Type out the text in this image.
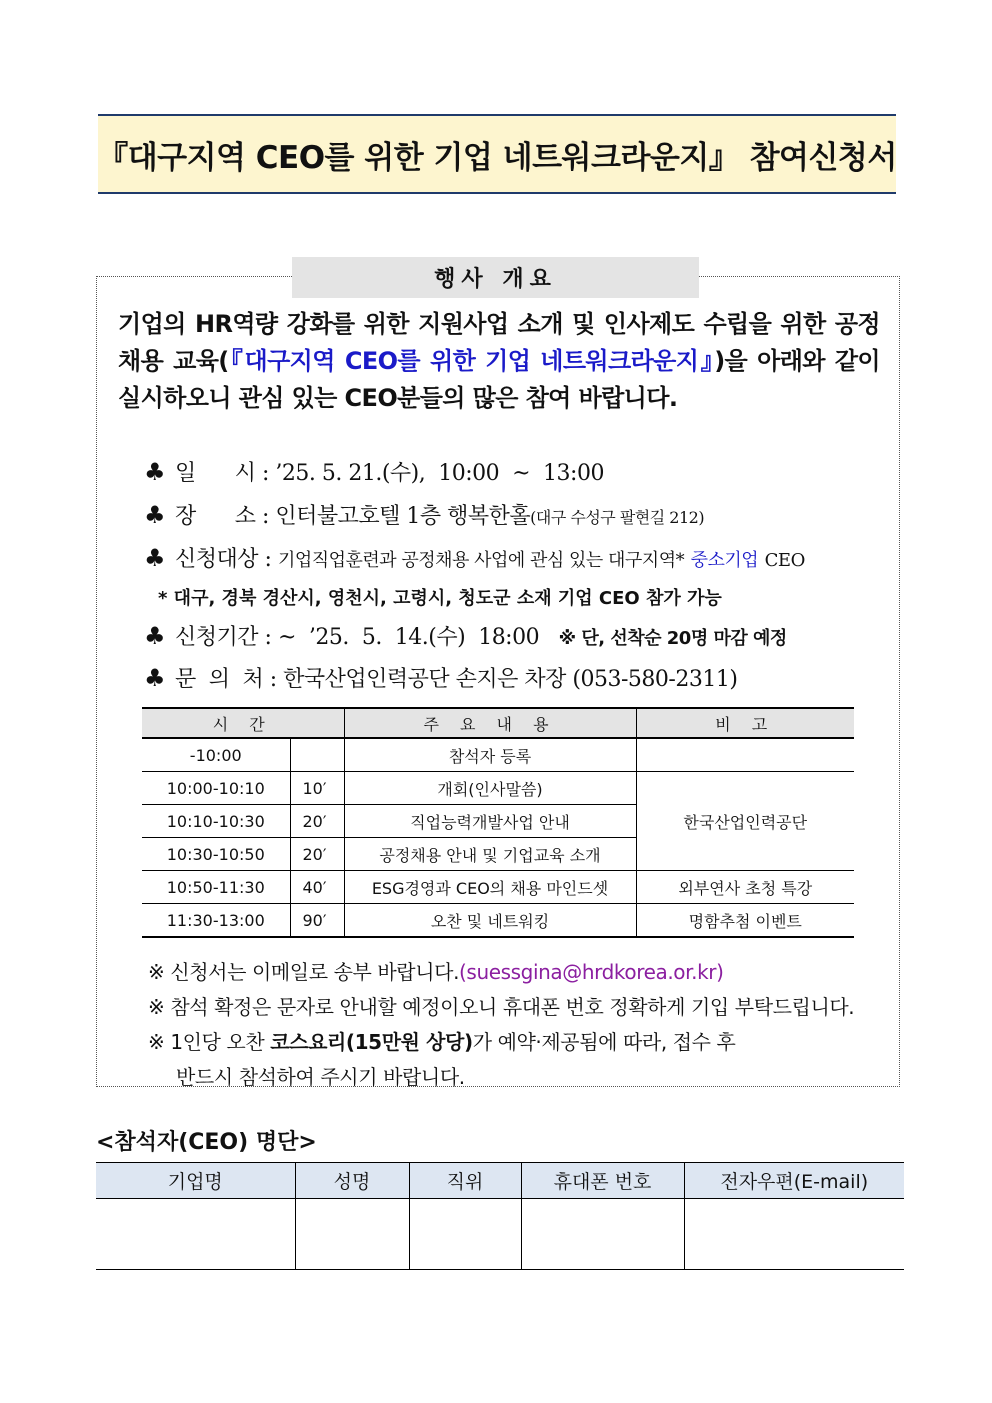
『대구지역 CEO를 위한 기업 네트워크라운지』 참여신청서
행사 개요
기업의 HR역량 강화를 위한 지원사업 소개 및 인사제도 수립을 위한 공정채용 교육(『대구지역 CEO를 위한 기업 네트워크라운지』)을 아래와 같이 실시하오니 관심 있는 CEO분들의 많은 참여 바랍니다.
♣ 일      시 : ’25. 5. 21.(수),  10:00  ~  13:00
♣ 장      소 : 인터불고호텔 1층 행복한홀(대구 수성구 팔현길 212)
♣ 신청대상 : 기업직업훈련과 공정채용 사업에 관심 있는 대구지역* 중소기업 CEO
* 대구, 경북 경산시, 영천시, 고령시, 청도군 소재 기업 CEO 참가 가능
♣ 신청기간 : ~  ’25.  5.  14.(수)  18:00 ※ 단, 선착순 20명 마감 예정
♣ 문  의  처 : 한국산업인력공단 손지은 차장 (053-580-2311)
시 간		주 요 내 용	비 고
-10:00		참석자 등록	
10:00-10:10	10′	개회(인사말씀)	한국산업인력공단
10:10-10:30	20′	직업능력개발사업 안내	
10:30-10:50	20′	공정채용 안내 및 기업교육 소개	
10:50-11:30	40′	ESG경영과 CEO의 채용 마인드셋	외부연사 초청 특강
11:30-13:00	90′	오찬 및 네트워킹	명함추첨 이벤트
※ 신청서는 이메일로 송부 바랍니다.(suessgina@hrdkorea.or.kr)
※ 참석 확정은 문자로 안내할 예정이오니 휴대폰 번호 정확하게 기입 부탁드립니다.
※ 1인당 오찬 코스요리(15만원 상당)가 예약·제공됨에 따라, 접수 후
반드시 참석하여 주시기 바랍니다.
<참석자(CEO) 명단>
기업명	성명	직위	휴대폰 번호	전자우편(E-mail)
